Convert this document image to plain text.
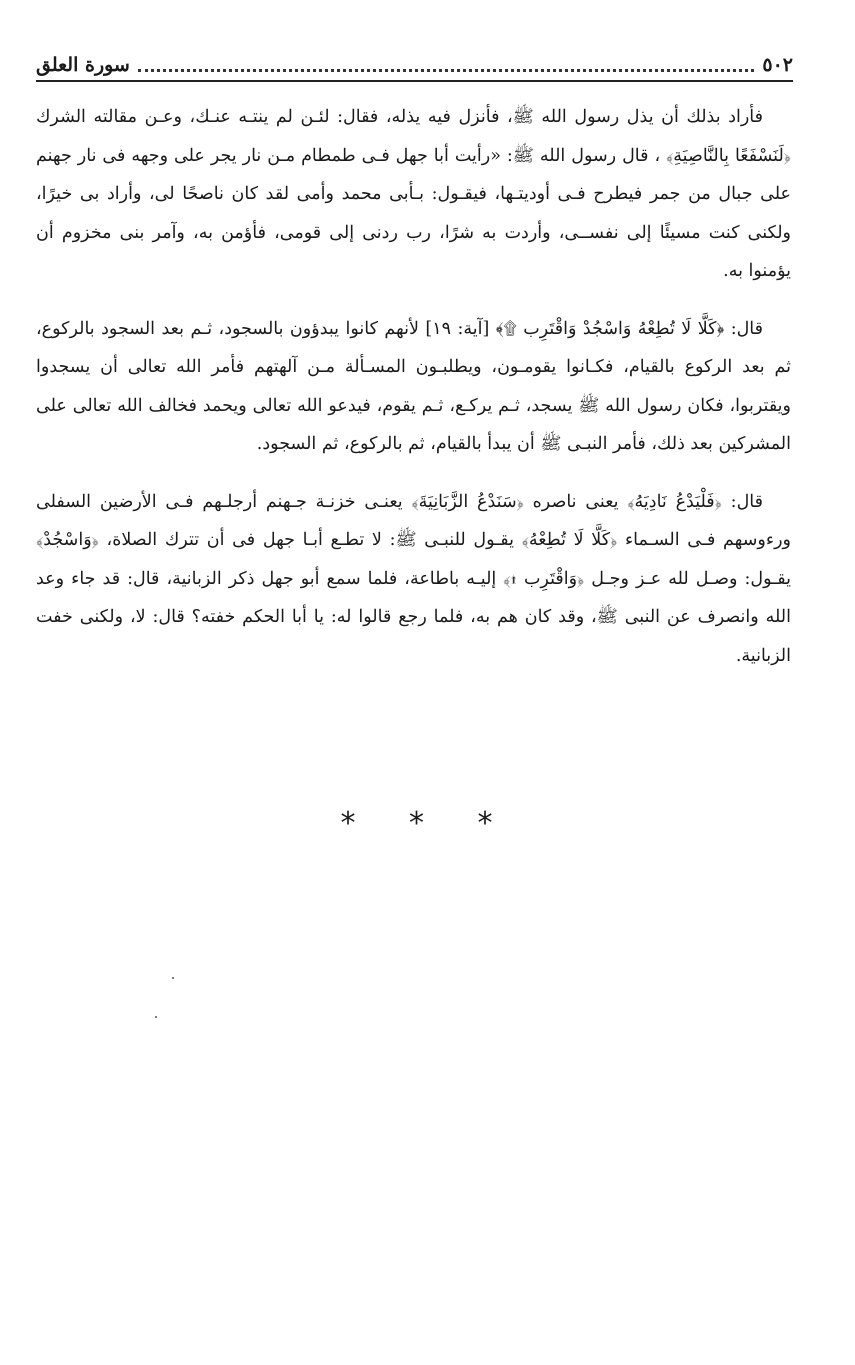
سورة العلق	٥٠٢

فأراد بذلك أن يذل رسول الله ﷺ، فأنزل فيه يذله، فقال: لئـن لم ينتـه عنـك، وعـن مقالته الشرك ﴿لَنَسْفَعًا بِالنَّاصِيَةِ﴾ ، قال رسول الله ﷺ: «رأيت أبا جهل فـى طمطام مـن نار يجر على وجهه فى نار جهنم على جبال من جمر فيطرح فـى أوديتـها، فيقـول: بـأبى محمد وأمى لقد كان ناصحًا لى، وأراد بى خيرًا، ولكنى كنت مسيئًا إلى نفســى، وأردت به شرًا، رب ردنى إلى قومى، فأؤمن به، وآمر بنى مخزوم أن يؤمنوا به.

قال: ﴿كَلَّا لَا تُطِعْهُ وَاسْجُدْ وَاقْتَرِب ۩﴾ [آية: ١٩] لأنهم كانوا يبدؤون بالسجود، ثـم بعد السجود بالركوع، ثم بعد الركوع بالقيام، فكـانوا يقومـون، ويطلبـون المسـألة مـن آلهتهم فأمر الله تعالى أن يسجدوا ويقتربوا، فكان رسول الله ﷺ يسجد، ثـم يركـع، ثـم يقوم، فيدعو الله تعالى ويحمد فخالف الله تعالى على المشركين بعد ذلك، فأمر النبـى ﷺ أن يبدأ بالقيام، ثم بالركوع، ثم السجود.

قال: ﴿فَلْيَدْعُ نَادِيَهُ﴾ يعنى ناصره ﴿سَنَدْعُ الزَّبَانِيَةَ﴾ يعنـى خزنـة جـهنم أرجلـهم فـى الأرضين السفلى ورءوسهم فـى السـماء ﴿كَلَّا لَا تُطِعْهُ﴾ يقـول للنبـى ﷺ: لا تطـع أبـا جهل فى أن تترك الصلاة، ﴿وَاسْجُدْ﴾ يقـول: وصـل لله عـز وجـل ﴿وَاقْتَرِب ۩﴾ إليـه باطاعة، فلما سمع أبو جهل ذكر الزبانية، قال: قد جاء وعد الله وانصرف عن النبى ﷺ، وقد كان هم به، فلما رجع قالوا له: يا أبا الحكم خفته؟ قال: لا، ولكنى خفت الزبانية.

* * *
